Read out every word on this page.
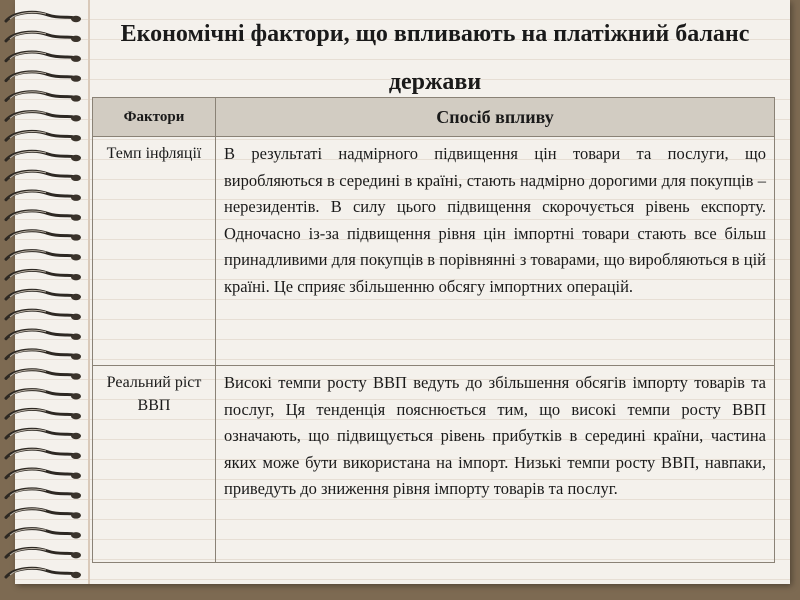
Економічні фактори, що впливають на платіжний баланс держави
Фактори	Спосіб впливу
Темп інфляції	В результаті надмірного підвищення цін товари та послуги, що виробляються в середині в країні, стають надмірно дорогими для покупців – нерезидентів. В силу цього підвищення скорочується рівень експорту. Одночасно із-за підвищення рівня цін імпортні товари стають все більш принадливими для покупців в порівнянні з товарами, що виробляються в цій країні. Це сприяє збільшенню обсягу імпортних операцій.
Реальний ріст ВВП	Високі темпи росту ВВП ведуть до збільшення обсягів імпорту товарів та послуг, Ця тенденція пояснюється тим, що високі темпи росту ВВП означають, що підвищується рівень прибутків в середині країни, частина яких може бути використана на імпорт. Низькі темпи росту ВВП, навпаки, приведуть до зниження рівня імпорту товарів та послуг.
